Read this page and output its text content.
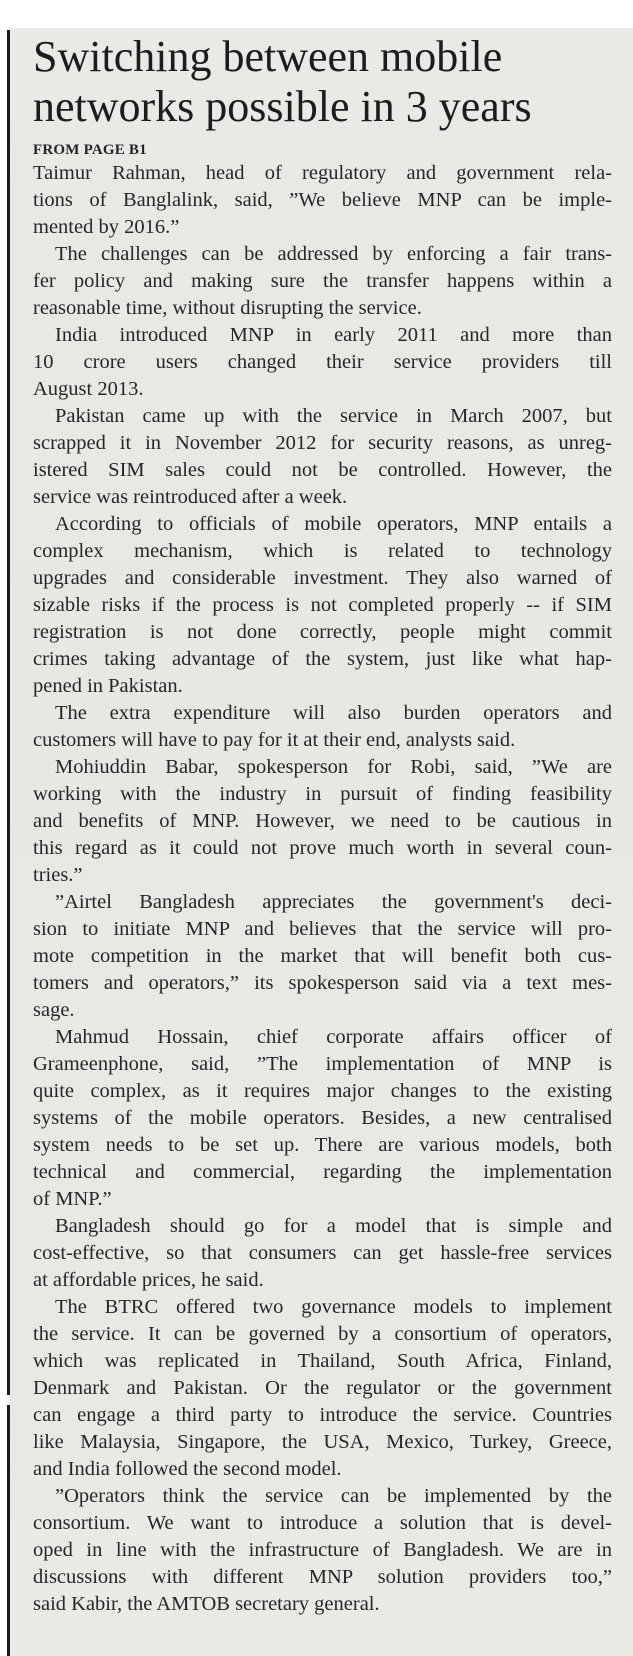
Switching between mobile
networks possible in 3 years
FROM PAGE B1
Taimur Rahman, head of regulatory and government rela-
tions of Banglalink, said, ”We believe MNP can be imple-
mented by 2016.”
The challenges can be addressed by enforcing a fair trans-
fer policy and making sure the transfer happens within a
reasonable time, without disrupting the service.
India introduced MNP in early 2011 and more than
10 crore users changed their service providers till
August 2013.
Pakistan came up with the service in March 2007, but
scrapped it in November 2012 for security reasons, as unreg-
istered SIM sales could not be controlled. However, the
service was reintroduced after a week.
According to officials of mobile operators, MNP entails a
complex mechanism, which is related to technology
upgrades and considerable investment. They also warned of
sizable risks if the process is not completed properly -- if SIM
registration is not done correctly, people might commit
crimes taking advantage of the system, just like what hap-
pened in Pakistan.
The extra expenditure will also burden operators and
customers will have to pay for it at their end, analysts said.
Mohiuddin Babar, spokesperson for Robi, said, ”We are
working with the industry in pursuit of finding feasibility
and benefits of MNP. However, we need to be cautious in
this regard as it could not prove much worth in several coun-
tries.”
”Airtel Bangladesh appreciates the government's deci-
sion to initiate MNP and believes that the service will pro-
mote competition in the market that will benefit both cus-
tomers and operators,” its spokesperson said via a text mes-
sage.
Mahmud Hossain, chief corporate affairs officer of
Grameenphone, said, ”The implementation of MNP is
quite complex, as it requires major changes to the existing
systems of the mobile operators. Besides, a new centralised
system needs to be set up. There are various models, both
technical and commercial, regarding the implementation
of MNP.”
Bangladesh should go for a model that is simple and
cost-effective, so that consumers can get hassle-free services
at affordable prices, he said.
The BTRC offered two governance models to implement
the service. It can be governed by a consortium of operators,
which was replicated in Thailand, South Africa, Finland,
Denmark and Pakistan. Or the regulator or the government
can engage a third party to introduce the service. Countries
like Malaysia, Singapore, the USA, Mexico, Turkey, Greece,
and India followed the second model.
”Operators think the service can be implemented by the
consortium. We want to introduce a solution that is devel-
oped in line with the infrastructure of Bangladesh. We are in
discussions with different MNP solution providers too,”
said Kabir, the AMTOB secretary general.
